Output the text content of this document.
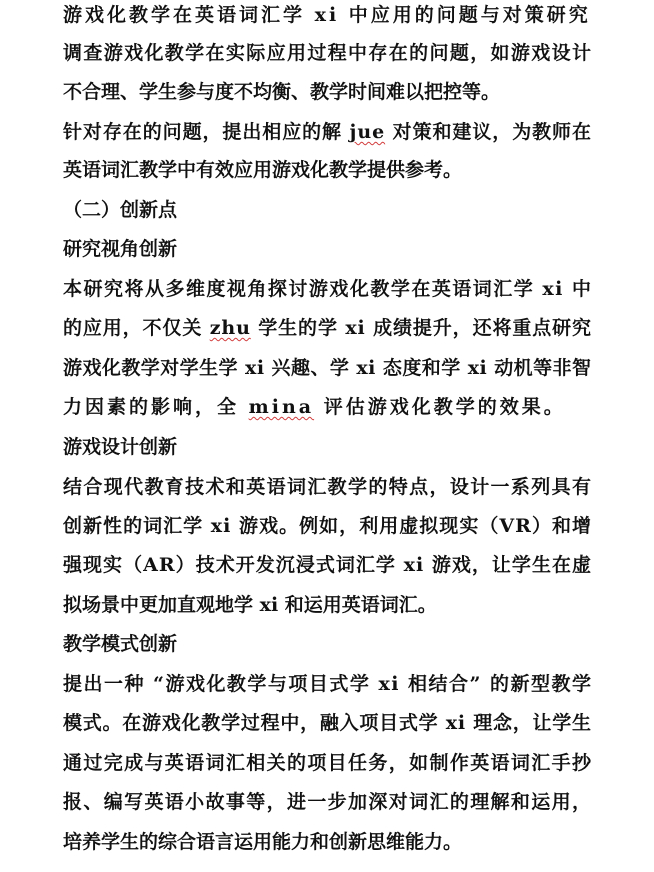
游戏化教学在英语词汇学 xi 中应用的问题与对策研究
调查游戏化教学在实际应用过程中存在的问题，如游戏设计
不合理、学生参与度不均衡、教学时间难以把控等。
针对存在的问题，提出相应的解 jue 对策和建议，为教师在
英语词汇教学中有效应用游戏化教学提供参考。
（二）创新点
研究视角创新
本研究将从多维度视角探讨游戏化教学在英语词汇学 xi 中
的应用，不仅关 zhu 学生的学 xi 成绩提升，还将重点研究
游戏化教学对学生学 xi 兴趣、学 xi 态度和学 xi 动机等非智
力因素的影响，全 mina 评估游戏化教学的效果。
游戏设计创新
结合现代教育技术和英语词汇教学的特点，设计一系列具有
创新性的词汇学 xi 游戏。例如，利用虚拟现实（VR）和增
强现实（AR）技术开发沉浸式词汇学 xi 游戏，让学生在虚
拟场景中更加直观地学 xi 和运用英语词汇。
教学模式创新
提出一种 “游戏化教学与项目式学 xi 相结合” 的新型教学
模式。在游戏化教学过程中，融入项目式学 xi 理念，让学生
通过完成与英语词汇相关的项目任务，如制作英语词汇手抄
报、编写英语小故事等，进一步加深对词汇的理解和运用，
培养学生的综合语言运用能力和创新思维能力。
